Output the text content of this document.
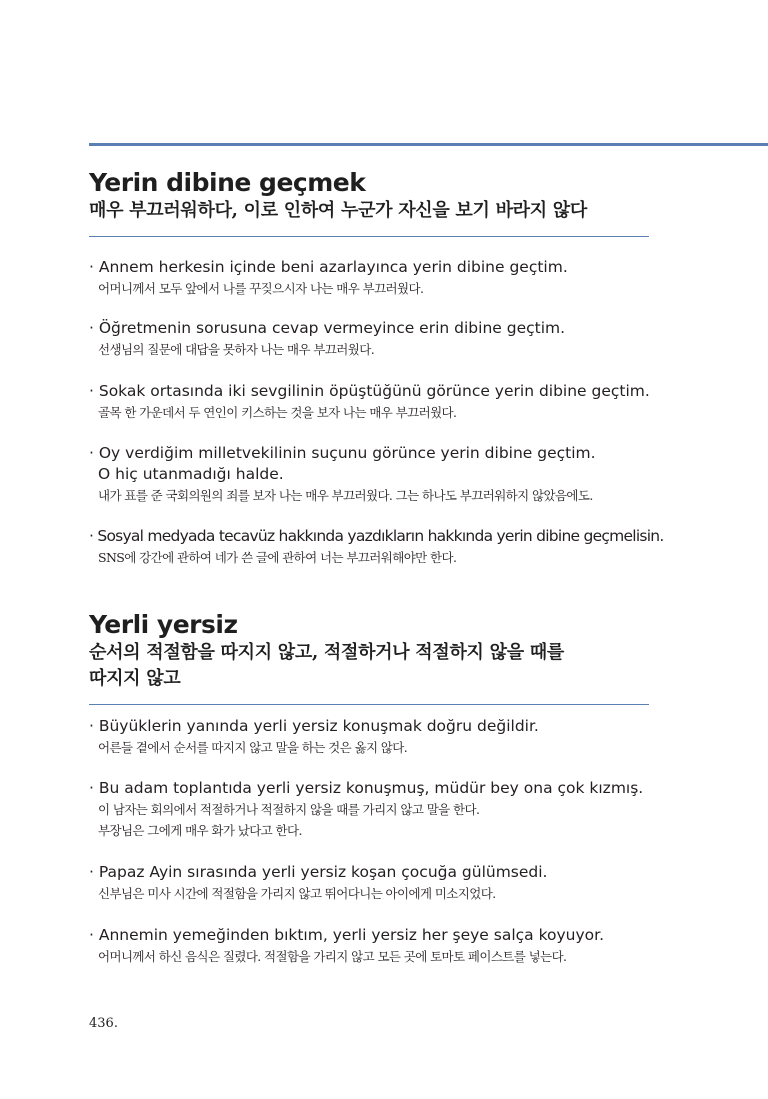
Yerin dibine geçmek
매우 부끄러워하다, 이로 인하여 누군가 자신을 보기 바라지 않다
· Annem herkesin içinde beni azarlayınca yerin dibine geçtim.
어머니께서 모두 앞에서 나를 꾸짖으시자 나는 매우 부끄러웠다.
· Öğretmenin sorusuna cevap vermeyince erin dibine geçtim.
선생님의 질문에 대답을 못하자 나는 매우 부끄러웠다.
· Sokak ortasında iki sevgilinin öpüştüğünü görünce yerin dibine geçtim.
골목 한 가운데서 두 연인이 키스하는 것을 보자 나는 매우 부끄러웠다.
· Oy verdiğim milletvekilinin suçunu görünce yerin dibine geçtim.
O hiç utanmadığı halde.
내가 표를 준 국회의원의 죄를 보자 나는 매우 부끄러웠다. 그는 하나도 부끄러워하지 않았음에도.
· Sosyal medyada tecavüz hakkında yazdıkların hakkında yerin dibine geçmelisin.
SNS에 강간에 관하여 네가 쓴 글에 관하여 너는 부끄러워해야만 한다.
Yerli yersiz
순서의 적절함을 따지지 않고, 적절하거나 적절하지 않을 때를
따지지 않고
· Büyüklerin yanında yerli yersiz konuşmak doğru değildir.
어른들 곁에서 순서를 따지지 않고 말을 하는 것은 옳지 않다.
· Bu adam toplantıda yerli yersiz konuşmuş, müdür bey ona çok kızmış.
이 남자는 회의에서 적절하거나 적절하지 않을 때를 가리지 않고 말을 한다.
부장님은 그에게 매우 화가 났다고 한다.
· Papaz Ayin sırasında yerli yersiz koşan çocuğa gülümsedi.
신부님은 미사 시간에 적절함을 가리지 않고 뛰어다니는 아이에게 미소지었다.
· Annemin yemeğinden bıktım, yerli yersiz her şeye salça koyuyor.
어머니께서 하신 음식은 질렸다. 적절함을 가리지 않고 모든 곳에 토마토 페이스트를 넣는다.
436.
